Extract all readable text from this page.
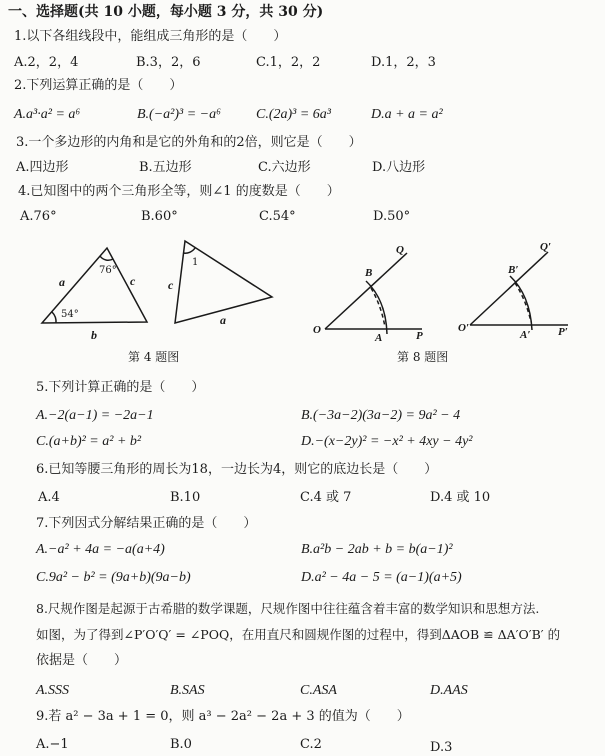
一、选择题(共 10 小题，每小题 3 分，共 30 分)
1.以下各组线段中，能组成三角形的是（　　）
A.2，2，4	B.3，2，6	C.1，2，2	D.1，2，3
2.下列运算正确的是（　　）
A.a³·a² = a⁶	B.(−a²)³ = −a⁶	C.(2a)³ = 6a³	D.a + a = a²
3.一个多边形的内角和是它的外角和的2倍，则它是（　　）
A.四边形	B.五边形	C.六边形	D.八边形
4.已知图中的两个三角形全等，则∠1 的度数是（　　）
A.76°	B.60°	C.54°	D.50°
a
b
c
76°
54°
c
a
1
第 4 题图
O	P
Q
B
A
O′	P′
Q′
B′
A′
第 8 题图
5.下列计算正确的是（　　）
A.−2(a−1) = −2a−1	B.(−3a−2)(3a−2) = 9a² − 4
C.(a+b)² = a² + b²	D.−(x−2y)² = −x² + 4xy − 4y²
6.已知等腰三角形的周长为18，一边长为4，则它的底边长是（　　）
A.4	B.10	C.4 或 7	D.4 或 10
7.下列因式分解结果正确的是（　　）
A.−a² + 4a = −a(a+4)	B.a²b − 2ab + b = b(a−1)²
C.9a² − b² = (9a+b)(9a−b)	D.a² − 4a − 5 = (a−1)(a+5)
8.尺规作图是起源于古希腊的数学课题，尺规作图中往往蕴含着丰富的数学知识和思想方法.
如图，为了得到∠P′O′Q′ = ∠POQ，在用直尺和圆规作图的过程中，得到ΔAOB ≌ ΔA′O′B′ 的
依据是（　　）
A.SSS	B.SAS	C.ASA	D.AAS
9.若 a² − 3a + 1 = 0，则 a³ − 2a² − 2a + 3 的值为（　　）
A.−1	B.0	C.2	D.3
